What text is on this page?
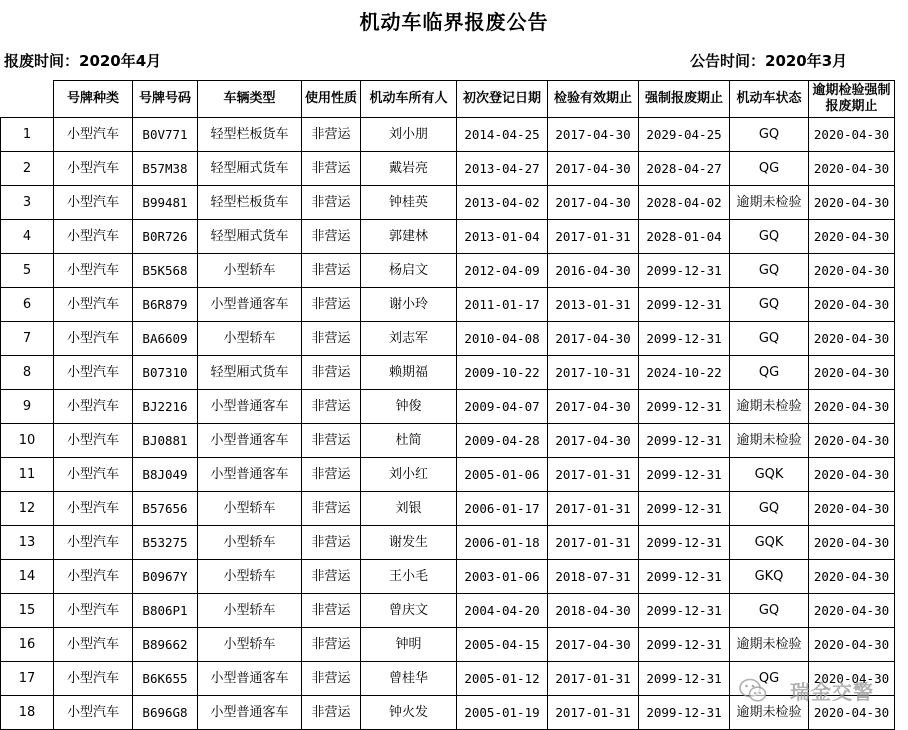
机动车临界报废公告
报废时间：2020年4月	公告时间：2020年3月
	号牌种类	号牌号码	车辆类型	使用性质	机动车所有人	初次登记日期	检验有效期止	强制报废期止	机动车状态	逾期检验强制报废期止
1	小型汽车	B0V771	轻型栏板货车	非营运	刘小朋	2014-04-25	2017-04-30	2029-04-25	GQ	2020-04-30
2	小型汽车	B57M38	轻型厢式货车	非营运	戴岩亮	2013-04-27	2017-04-30	2028-04-27	QG	2020-04-30
3	小型汽车	B99481	轻型栏板货车	非营运	钟桂英	2013-04-02	2017-04-30	2028-04-02	逾期未检验	2020-04-30
4	小型汽车	B0R726	轻型厢式货车	非营运	郭建林	2013-01-04	2017-01-31	2028-01-04	GQ	2020-04-30
5	小型汽车	B5K568	小型轿车	非营运	杨启文	2012-04-09	2016-04-30	2099-12-31	GQ	2020-04-30
6	小型汽车	B6R879	小型普通客车	非营运	谢小玲	2011-01-17	2013-01-31	2099-12-31	GQ	2020-04-30
7	小型汽车	BA6609	小型轿车	非营运	刘志军	2010-04-08	2017-04-30	2099-12-31	GQ	2020-04-30
8	小型汽车	B07310	轻型厢式货车	非营运	赖期福	2009-10-22	2017-10-31	2024-10-22	QG	2020-04-30
9	小型汽车	BJ2216	小型普通客车	非营运	钟俊	2009-04-07	2017-04-30	2099-12-31	逾期未检验	2020-04-30
10	小型汽车	BJ0881	小型普通客车	非营运	杜简	2009-04-28	2017-04-30	2099-12-31	逾期未检验	2020-04-30
11	小型汽车	B8J049	小型普通客车	非营运	刘小红	2005-01-06	2017-01-31	2099-12-31	GQK	2020-04-30
12	小型汽车	B57656	小型轿车	非营运	刘银	2006-01-17	2017-01-31	2099-12-31	GQ	2020-04-30
13	小型汽车	B53275	小型轿车	非营运	谢发生	2006-01-18	2017-01-31	2099-12-31	GQK	2020-04-30
14	小型汽车	B0967Y	小型轿车	非营运	王小毛	2003-01-06	2018-07-31	2099-12-31	GKQ	2020-04-30
15	小型汽车	B806P1	小型轿车	非营运	曾庆文	2004-04-20	2018-04-30	2099-12-31	GQ	2020-04-30
16	小型汽车	B89662	小型轿车	非营运	钟明	2005-04-15	2017-04-30	2099-12-31	逾期未检验	2020-04-30
17	小型汽车	B6K655	小型普通客车	非营运	曾桂华	2005-01-12	2017-01-31	2099-12-31	QG	2020-04-30
18	小型汽车	B696G8	小型普通客车	非营运	钟火发	2005-01-19	2017-01-31	2099-12-31	逾期未检验	2020-04-30
瑞金交警
